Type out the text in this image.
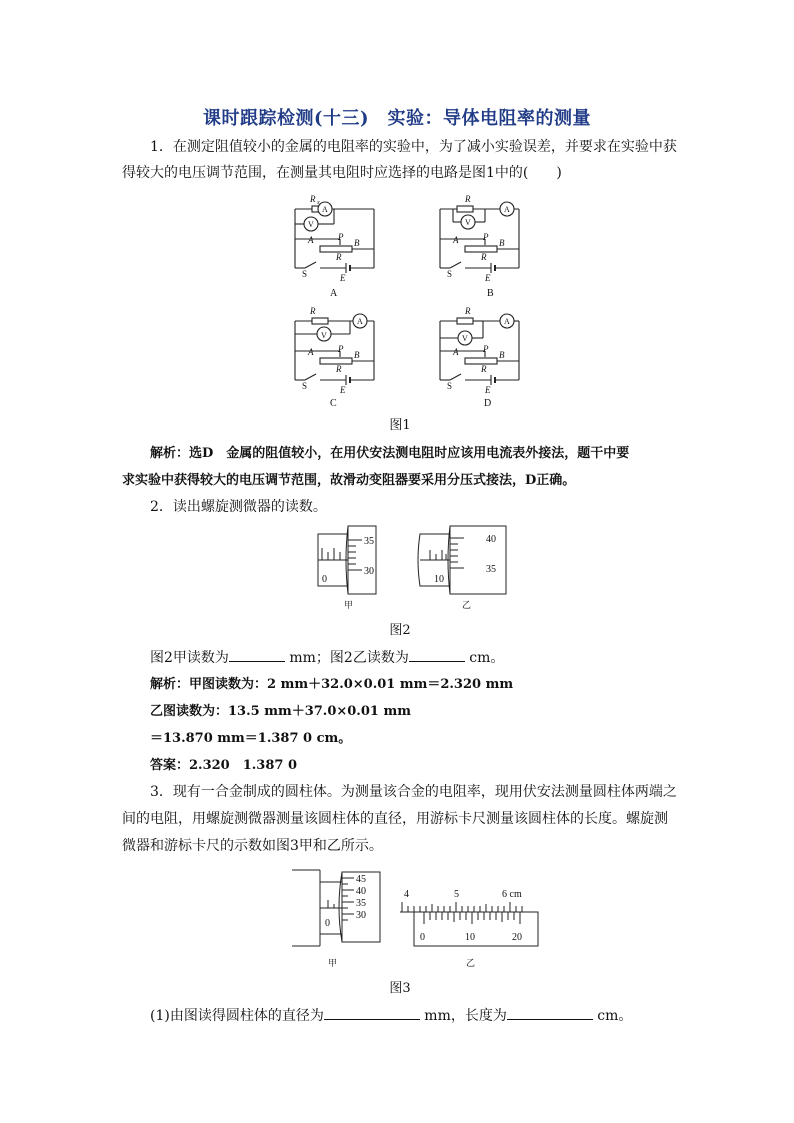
课时跟踪检测(十三)　实验：导体电阻率的测量
1．在测定阻值较小的金属的电阻率的实验中，为了减小实验误差，并要求在实验中获
得较大的电压调节范围，在测量其电阻时应选择的电路是图1中的(　　)
R x
V
A
A	P
B
R
S	E
R
V
A
A	P
B
R
S	E
R
V
A
A	P
B
R
S	E
R
V
A
A	P
B
R
S	E
A	B
C	D
图1
解析：选D　金属的阻值较小，在用伏安法测电阻时应该用电流表外接法，题干中要
求实验中获得较大的电压调节范围，故滑动变阻器要采用分压式接法，D正确。
2．读出螺旋测微器的读数。
35
30
0
甲
40
35
10
乙
图2
图2甲读数为	mm；图2乙读数为	cm。
解析：甲图读数为：2 mm＋32.0×0.01 mm＝2.320 mm
乙图读数为：13.5 mm＋37.0×0.01 mm
＝13.870 mm＝1.387 0 cm。
答案：2.320　1.387 0
3．现有一合金制成的圆柱体。为测量该合金的电阻率，现用伏安法测量圆柱体两端之
间的电阻，用螺旋测微器测量该圆柱体的直径，用游标卡尺测量该圆柱体的长度。螺旋测
微器和游标卡尺的示数如图3甲和乙所示。
45
40
35
30
0
甲
4	5	6 cm
0	10	20
乙
图3
(1)由图读得圆柱体的直径为	mm，长度为	cm。
